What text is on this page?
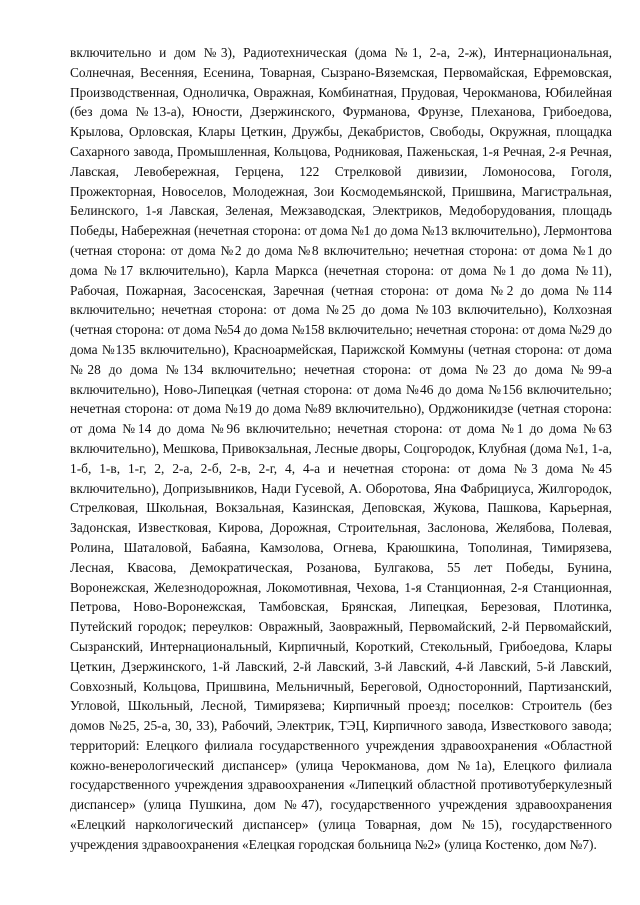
включительно и дом №3), Радиотехническая (дома №1, 2-а, 2-ж), Интернациональная, Солнечная, Весенняя, Есенина, Товарная, Сызрано-Вяземская, Первомайская, Ефремовская, Производственная, Одноличка, Овражная, Комбинатная, Прудовая, Черокманова, Юбилейная (без дома №13-а), Юности, Дзержинского, Фурманова, Фрунзе, Плеханова, Грибоедова, Крылова, Орловская, Клары Цеткин, Дружбы, Декабристов, Свободы, Окружная, площадка Сахарного завода, Промышленная, Кольцова, Родниковая, Паженьская, 1-я Речная, 2-я Речная, Лавская, Левобережная, Герцена, 122 Стрелковой дивизии, Ломоносова, Гоголя, Прожекторная, Новоселов, Молодежная, Зои Космодемьянской, Пришвина, Магистральная, Белинского, 1-я Лавская, Зеленая, Межзаводская, Электриков, Медоборудования, площадь Победы, Набережная (нечетная сторона: от дома №1 до дома №13 включительно), Лермонтова (четная сторона: от дома №2 до дома №8 включительно; нечетная сторона: от дома №1 до дома №17 включительно), Карла Маркса (нечетная сторона: от дома №1 до дома №11), Рабочая, Пожарная, Засосенская, Заречная (четная сторона: от дома №2 до дома №114 включительно; нечетная сторона: от дома №25 до дома №103 включительно), Колхозная (четная сторона: от дома №54 до дома №158 включительно; нечетная сторона: от дома №29 до дома №135 включительно), Красноармейская, Парижской Коммуны (четная сторона: от дома №28 до дома №134 включительно; нечетная сторона: от дома №23 до дома №99-а включительно), Ново-Липецкая (четная сторона: от дома №46 до дома №156 включительно; нечетная сторона: от дома №19 до дома №89 включительно), Орджоникидзе (четная сторона: от дома №14 до дома №96 включительно; нечетная сторона: от дома №1 до дома №63 включительно), Мешкова, Привокзальная, Лесные дворы, Соцгородок, Клубная (дома №1, 1-а, 1-б, 1-в, 1-г, 2, 2-а, 2-б, 2-в, 2-г, 4, 4-а и нечетная сторона: от дома №3 дома №45 включительно), Допризывников, Нади Гусевой, А. Оборотова, Яна Фабрициуса, Жилгородок, Стрелковая, Школьная, Вокзальная, Казинская, Деповская, Жукова, Пашкова, Карьерная, Задонская, Известковая, Кирова, Дорожная, Строительная, Заслонова, Желябова, Полевая, Ролина, Шаталовой, Бабаяна, Камзолова, Огнева, Краюшкина, Тополиная, Тимирязева, Лесная, Квасова, Демократическая, Розанова, Булгакова, 55 лет Победы, Бунина, Воронежская, Железнодорожная, Локомотивная, Чехова, 1-я Станционная, 2-я Станционная, Петрова, Ново-Воронежская, Тамбовская, Брянская, Липецкая, Березовая, Плотинка, Путейский городок; переулков: Овражный, Заовражный, Первомайский, 2-й Первомайский, Сызранский, Интернациональный, Кирпичный, Короткий, Стекольный, Грибоедова, Клары Цеткин, Дзержинского, 1-й Лавский, 2-й Лавский, 3-й Лавский, 4-й Лавский, 5-й Лавский, Совхозный, Кольцова, Пришвина, Мельничный, Береговой, Односторонний, Партизанский, Угловой, Школьный, Лесной, Тимирязева; Кирпичный проезд; поселков: Строитель (без домов №25, 25-а, 30, 33), Рабочий, Электрик, ТЭЦ, Кирпичного завода, Известкового завода; территорий: Елецкого филиала государственного учреждения здравоохранения «Областной кожно-венерологический диспансер» (улица Черокманова, дом №1а), Елецкого филиала государственного учреждения здравоохранения «Липецкий областной противотуберкулезный диспансер» (улица Пушкина, дом №47), государственного учреждения здравоохранения «Елецкий наркологический диспансер» (улица Товарная, дом №15), государственного учреждения здравоохранения «Елецкая городская больница №2» (улица Костенко, дом №7).
